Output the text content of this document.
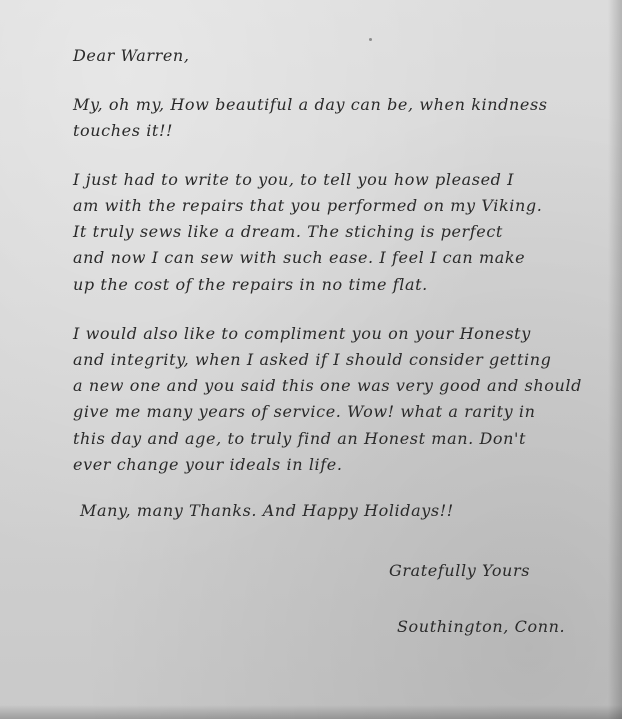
Dear Warren,
My, oh my, How beautiful a day can be, when kindness
touches it!!
I just had to write to you, to tell you how pleased I
am with the repairs that you performed on my Viking.
It truly sews like a dream. The stiching is perfect
and now I can sew with such ease. I feel I can make
up the cost of the repairs in no time flat.
I would also like to compliment you on your Honesty
and integrity, when I asked if I should consider getting
a new one and you said this one was very good and should
give me many years of service. Wow! what a rarity in
this day and age, to truly find an Honest man. Don't
ever change your ideals in life.
Many, many Thanks. And Happy Holidays!!
Gratefully Yours
Southington, Conn.
